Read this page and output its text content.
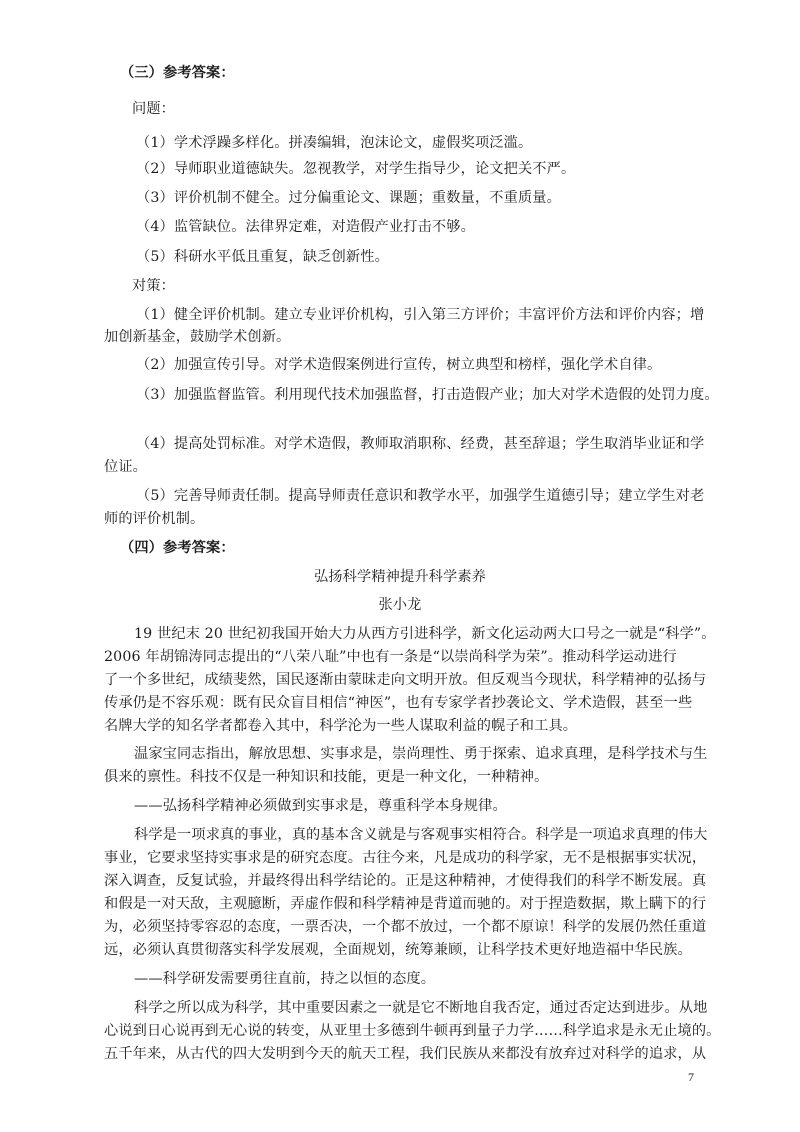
（三）参考答案：
问题：
（1）学术浮躁多样化。拼凑编辑，泡沫论文，虚假奖项泛滥。
（2）导师职业道德缺失。忽视教学，对学生指导少，论文把关不严。
（3）评价机制不健全。过分偏重论文、课题；重数量，不重质量。
（4）监管缺位。法律界定难，对造假产业打击不够。
（5）科研水平低且重复，缺乏创新性。
对策：
（1）健全评价机制。建立专业评价机构，引入第三方评价；丰富评价方法和评价内容；增
加创新基金，鼓励学术创新。
（2）加强宣传引导。对学术造假案例进行宣传，树立典型和榜样，强化学术自律。
（3）加强监督监管。利用现代技术加强监督，打击造假产业；加大对学术造假的处罚力度。
（4）提高处罚标准。对学术造假，教师取消职称、经费，甚至辞退；学生取消毕业证和学
位证。
（5）完善导师责任制。提高导师责任意识和教学水平，加强学生道德引导；建立学生对老
师的评价机制。
（四）参考答案：
弘扬科学精神提升科学素养
张小龙
19 世纪末 20 世纪初我国开始大力从西方引进科学，新文化运动两大口号之一就是“科学”。
2006 年胡锦涛同志提出的“八荣八耻”中也有一条是“以崇尚科学为荣”。推动科学运动进行
了一个多世纪，成绩斐然，国民逐渐由蒙昧走向文明开放。但反观当今现状，科学精神的弘扬与
传承仍是不容乐观：既有民众盲目相信“神医”，也有专家学者抄袭论文、学术造假，甚至一些
名牌大学的知名学者都卷入其中，科学沦为一些人谋取利益的幌子和工具。
温家宝同志指出，解放思想、实事求是，崇尚理性、勇于探索、追求真理，是科学技术与生
俱来的禀性。科技不仅是一种知识和技能，更是一种文化，一种精神。
——弘扬科学精神必须做到实事求是，尊重科学本身规律。
科学是一项求真的事业，真的基本含义就是与客观事实相符合。科学是一项追求真理的伟大
事业，它要求坚持实事求是的研究态度。古往今来，凡是成功的科学家，无不是根据事实状况，
深入调查，反复试验，并最终得出科学结论的。正是这种精神，才使得我们的科学不断发展。真
和假是一对天敌，主观臆断，弄虚作假和科学精神是背道而驰的。对于捏造数据，欺上瞒下的行
为，必须坚持零容忍的态度，一票否决，一个都不放过，一个都不原谅！科学的发展仍然任重道
远，必须认真贯彻落实科学发展观，全面规划，统筹兼顾，让科学技术更好地造福中华民族。
——科学研发需要勇往直前，持之以恒的态度。
科学之所以成为科学，其中重要因素之一就是它不断地自我否定，通过否定达到进步。从地
心说到日心说再到无心说的转变，从亚里士多德到牛顿再到量子力学……科学追求是永无止境的。
五千年来，从古代的四大发明到今天的航天工程，我们民族从来都没有放弃过对科学的追求，从
7
